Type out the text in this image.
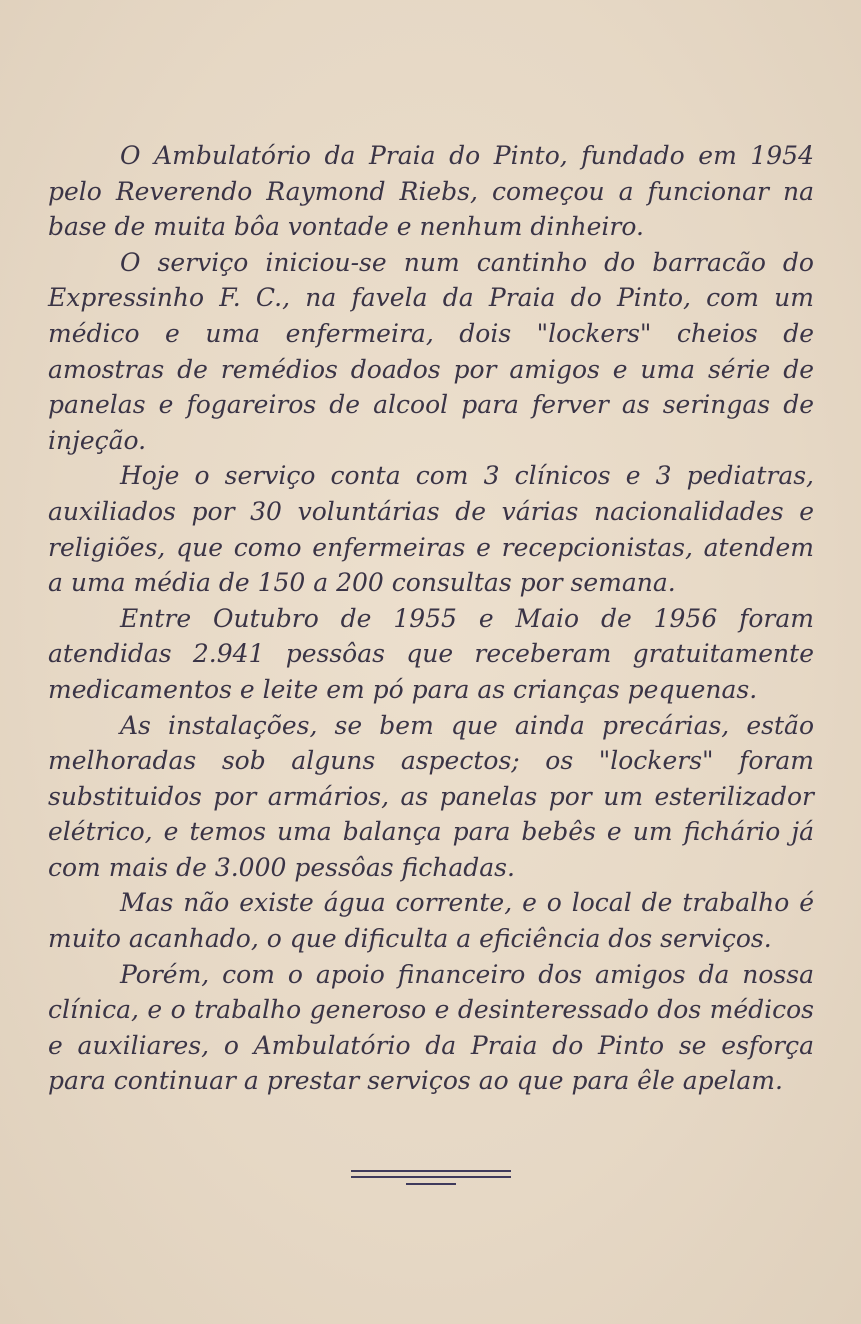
O Ambulatório da Praia do Pinto, fundado em 1954 pelo Reverendo Raymond Riebs, começou a funcionar na base de muita bôa vontade e nenhum dinheiro.

O serviço iniciou-se num cantinho do barracão do Expressinho F. C., na favela da Praia do Pinto, com um médico e uma enfermeira, dois "lockers" cheios de amostras de remédios doados por amigos e uma série de panelas e fogareiros de alcool para ferver as seringas de injeção.

Hoje o serviço conta com 3 clínicos e 3 pediatras, auxiliados por 30 voluntárias de várias nacionalidades e religiões, que como enfermeiras e recepcionistas, atendem a uma média de 150 a 200 consultas por semana.

Entre Outubro de 1955 e Maio de 1956 foram atendidas 2.941 pessôas que receberam gratuitamente medicamentos e leite em pó para as crianças pequenas.

As instalações, se bem que ainda precárias, estão melhoradas sob alguns aspectos; os "lockers" foram substituidos por armários, as panelas por um esterilizador elétrico, e temos uma balança para bebês e um fichário já com mais de 3.000 pessôas fichadas.

Mas não existe água corrente, e o local de trabalho é muito acanhado, o que dificulta a eficiência dos serviços.

Porém, com o apoio financeiro dos amigos da nossa clínica, e o trabalho generoso e desinteressado dos médicos e auxiliares, o Ambulatório da Praia do Pinto se esforça para continuar a prestar serviços ao que para êle apelam.
